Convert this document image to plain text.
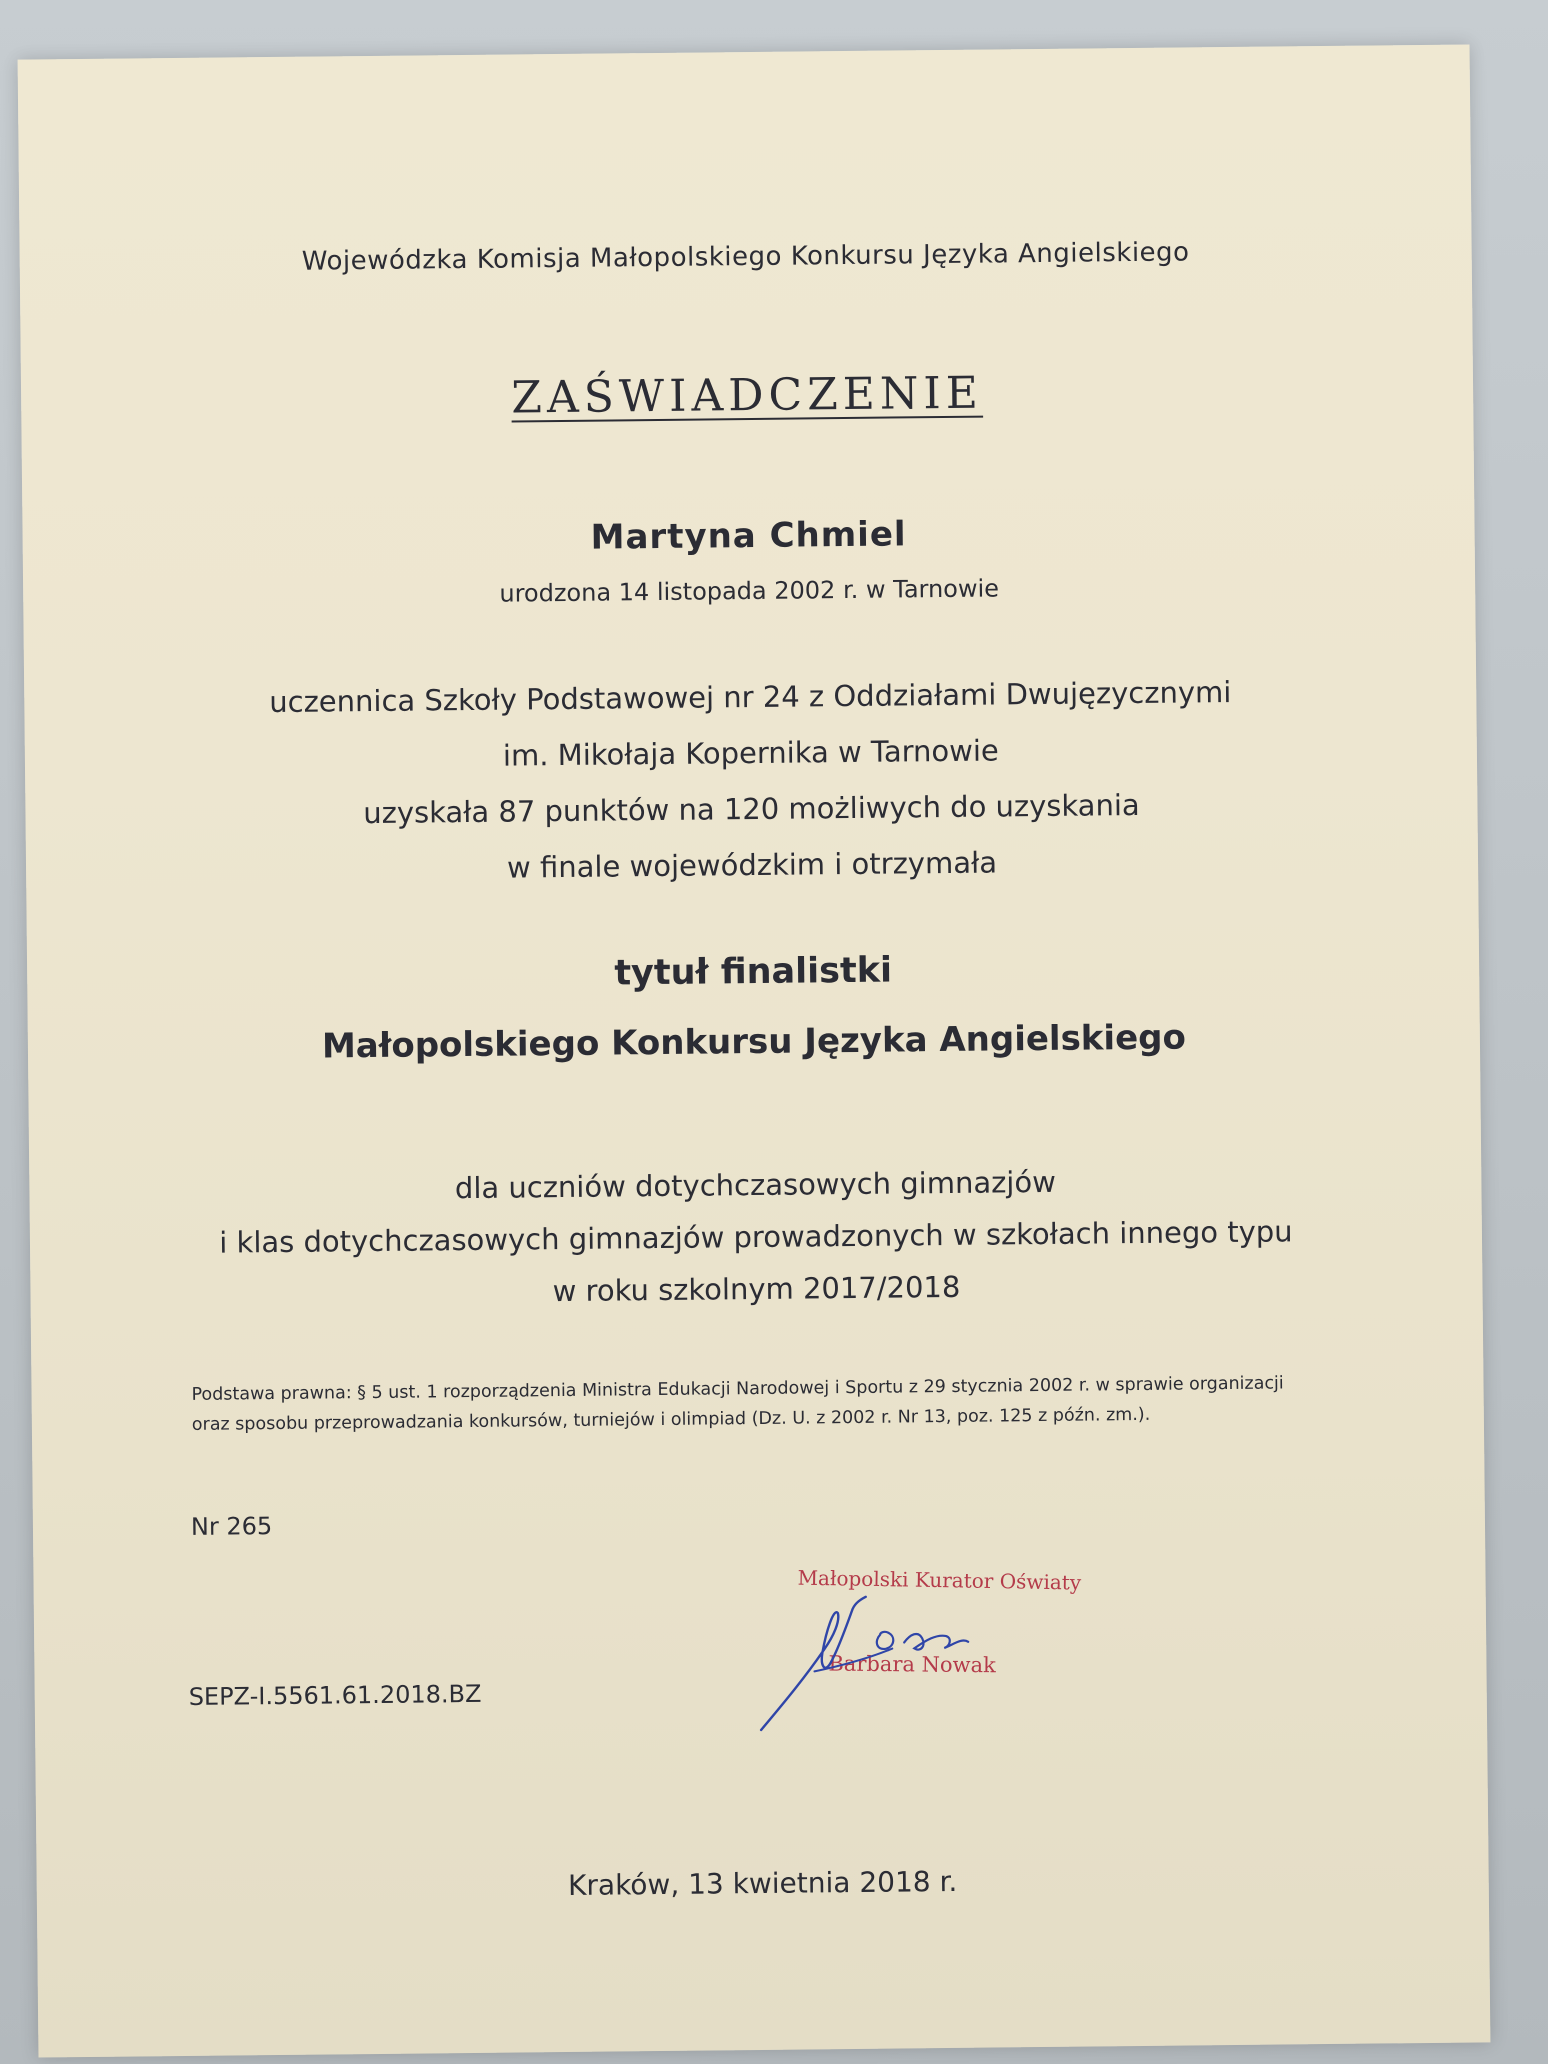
Wojewódzka Komisja Małopolskiego Konkursu Języka Angielskiego
ZAŚWIADCZENIE
Martyna Chmiel
urodzona 14 listopada 2002 r. w Tarnowie
uczennica Szkoły Podstawowej nr 24 z Oddziałami Dwujęzycznymi
im. Mikołaja Kopernika w Tarnowie
uzyskała 87 punktów na 120 możliwych do uzyskania
w finale wojewódzkim i otrzymała
tytuł finalistki
Małopolskiego Konkursu Języka Angielskiego
dla uczniów dotychczasowych gimnazjów
i klas dotychczasowych gimnazjów prowadzonych w szkołach innego typu
w roku szkolnym 2017/2018
Podstawa prawna: § 5 ust. 1 rozporządzenia Ministra Edukacji Narodowej i Sportu z 29 stycznia 2002 r. w sprawie organizacji
oraz sposobu przeprowadzania konkursów, turniejów i olimpiad (Dz. U. z 2002 r. Nr 13, poz. 125 z późn. zm.).
Nr 265
SEPZ-I.5561.61.2018.BZ
Małopolski Kurator Oświaty
Barbara Nowak
Kraków, 13 kwietnia 2018 r.
